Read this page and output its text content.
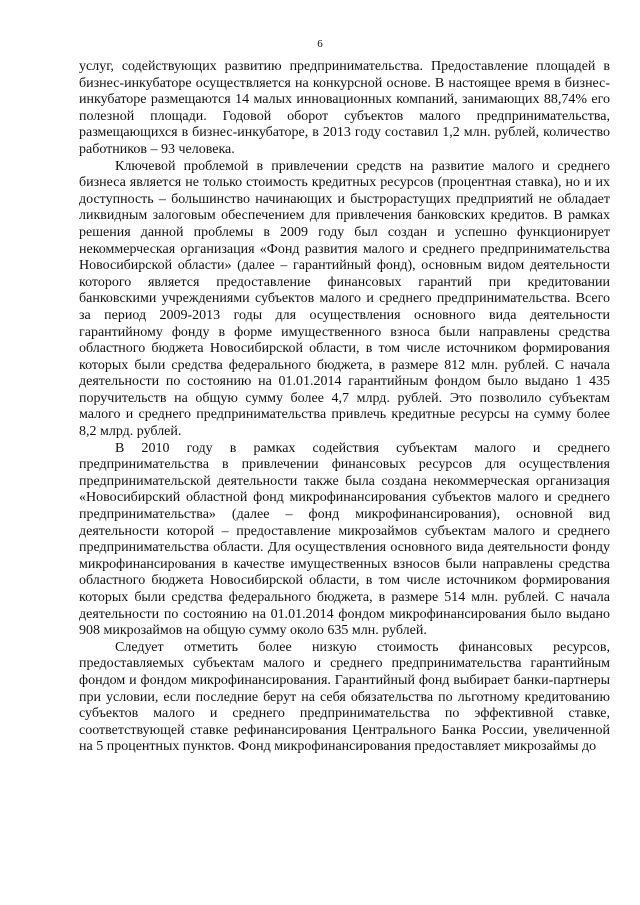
6

услуг, содействующих развитию предпринимательства. Предоставление площадей в бизнес-инкубаторе осуществляется на конкурсной основе. В настоящее время в бизнес-инкубаторе размещаются 14 малых инновационных компаний, занимающих 88,74% его полезной площади. Годовой оборот субъектов малого предпринимательства, размещающихся в бизнес-инкубаторе, в 2013 году составил 1,2 млн. рублей, количество работников – 93 человека.

Ключевой проблемой в привлечении средств на развитие малого и среднего бизнеса является не только стоимость кредитных ресурсов (процентная ставка), но и их доступность – большинство начинающих и быстрорастущих предприятий не обладает ликвидным залоговым обеспечением для привлечения банковских кредитов. В рамках решения данной проблемы в 2009 году был создан и успешно функционирует некоммерческая организация «Фонд развития малого и среднего предпринимательства Новосибирской области» (далее – гарантийный фонд), основным видом деятельности которого является предоставление финансовых гарантий при кредитовании банковскими учреждениями субъектов малого и среднего предпринимательства. Всего за период 2009-2013 годы для осуществления основного вида деятельности гарантийному фонду в форме имущественного взноса были направлены средства областного бюджета Новосибирской области, в том числе источником формирования которых были средства федерального бюджета, в размере 812 млн. рублей. С начала деятельности по состоянию на 01.01.2014 гарантийным фондом было выдано 1 435 поручительств на общую сумму более 4,7 млрд. рублей. Это позволило субъектам малого и среднего предпринимательства привлечь кредитные ресурсы на сумму более 8,2 млрд. рублей.

В 2010 году в рамках содействия субъектам малого и среднего предпринимательства в привлечении финансовых ресурсов для осуществления предпринимательской деятельности также была создана некоммерческая организация «Новосибирский областной фонд микрофинансирования субъектов малого и среднего предпринимательства» (далее – фонд микрофинансирования), основной вид деятельности которой – предоставление микрозаймов субъектам малого и среднего предпринимательства области. Для осуществления основного вида деятельности фонду микрофинансирования в качестве имущественных взносов были направлены средства областного бюджета Новосибирской области, в том числе источником формирования которых были средства федерального бюджета, в размере 514 млн. рублей. С начала деятельности по состоянию на 01.01.2014 фондом микрофинансирования было выдано 908 микрозаймов на общую сумму около 635 млн. рублей.

Следует отметить более низкую стоимость финансовых ресурсов, предоставляемых субъектам малого и среднего предпринимательства гарантийным фондом и фондом микрофинансирования. Гарантийный фонд выбирает банки-партнеры при условии, если последние берут на себя обязательства по льготному кредитованию субъектов малого и среднего предпринимательства по эффективной ставке, соответствующей ставке рефинансирования Центрального Банка России, увеличенной на 5 процентных пунктов. Фонд микрофинансирования предоставляет микрозаймы до
